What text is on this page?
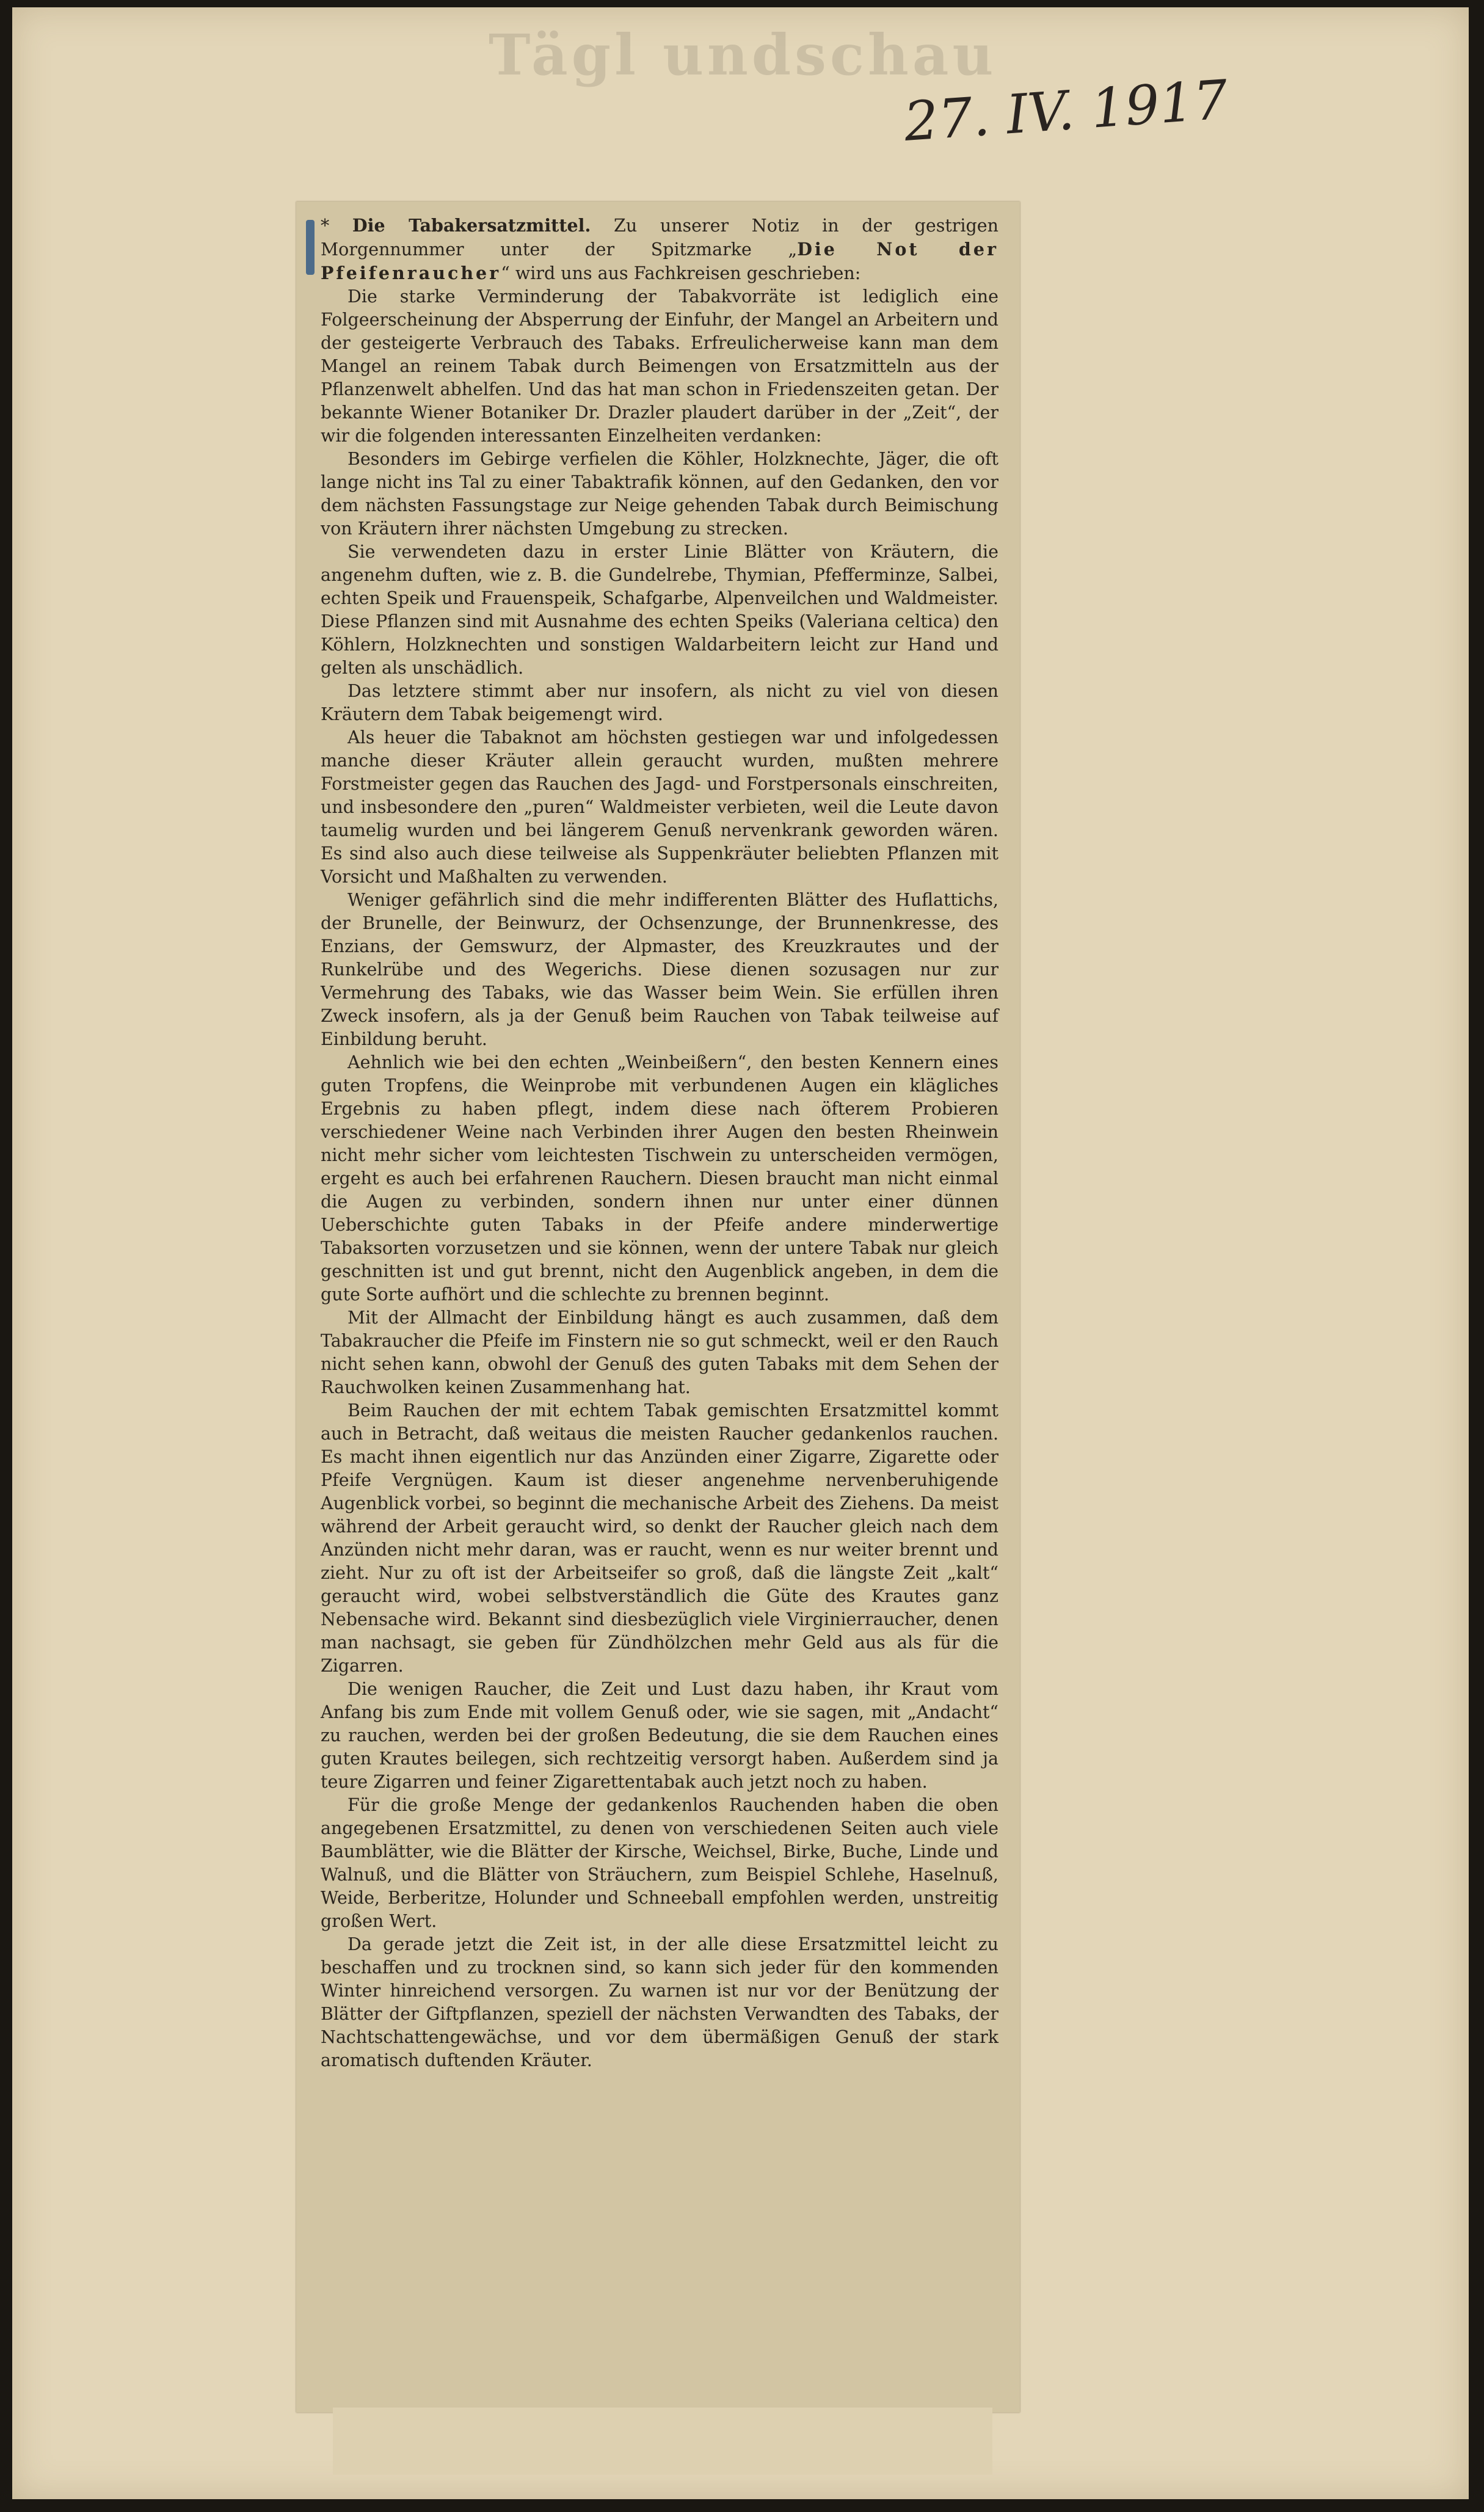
Tägl undschau
27. IV. 1917

* Die Tabakersatzmittel. Zu unserer Notiz in der gestrigen Morgennummer unter der Spitzmarke „Die Not der Pfeifenraucher“ wird uns aus Fachkreisen geschrieben:

Die starke Verminderung der Tabakvorräte ist lediglich eine Folgeerscheinung der Absperrung der Einfuhr, der Mangel an Arbeitern und der gesteigerte Verbrauch des Tabaks. Erfreulicherweise kann man dem Mangel an reinem Tabak durch Beimengen von Ersatzmitteln aus der Pflanzenwelt abhelfen. Und das hat man schon in Friedenszeiten getan. Der bekannte Wiener Botaniker Dr. Drazler plaudert darüber in der „Zeit“, der wir die folgenden interessanten Einzelheiten verdanken:

Besonders im Gebirge verfielen die Köhler, Holzknechte, Jäger, die oft lange nicht ins Tal zu einer Tabaktrafik können, auf den Gedanken, den vor dem nächsten Fassungstage zur Neige gehenden Tabak durch Beimischung von Kräutern ihrer nächsten Umgebung zu strecken.

Sie verwendeten dazu in erster Linie Blätter von Kräutern, die angenehm duften, wie z. B. die Gundelrebe, Thymian, Pfefferminze, Salbei, echten Speik und Frauenspeik, Schafgarbe, Alpenveilchen und Waldmeister. Diese Pflanzen sind mit Ausnahme des echten Speiks (Valeriana celtica) den Köhlern, Holzknechten und sonstigen Waldarbeitern leicht zur Hand und gelten als unschädlich.

Das letztere stimmt aber nur insofern, als nicht zu viel von diesen Kräutern dem Tabak beigemengt wird.

Als heuer die Tabaknot am höchsten gestiegen war und infolgedessen manche dieser Kräuter allein geraucht wurden, mußten mehrere Forstmeister gegen das Rauchen des Jagd- und Forstpersonals einschreiten, und insbesondere den „puren“ Waldmeister verbieten, weil die Leute davon taumelig wurden und bei längerem Genuß nervenkrank geworden wären. Es sind also auch diese teilweise als Suppenkräuter beliebten Pflanzen mit Vorsicht und Maßhalten zu verwenden.

Weniger gefährlich sind die mehr indifferenten Blätter des Huflattichs, der Brunelle, der Beinwurz, der Ochsenzunge, der Brunnenkresse, des Enzians, der Gemswurz, der Alpmaster, des Kreuzkrautes und der Runkelrübe und des Wegerichs. Diese dienen sozusagen nur zur Vermehrung des Tabaks, wie das Wasser beim Wein. Sie erfüllen ihren Zweck insofern, als ja der Genuß beim Rauchen von Tabak teilweise auf Einbildung beruht.

Aehnlich wie bei den echten „Weinbeißern“, den besten Kennern eines guten Tropfens, die Weinprobe mit verbundenen Augen ein klägliches Ergebnis zu haben pflegt, indem diese nach öfterem Probieren verschiedener Weine nach Verbinden ihrer Augen den besten Rheinwein nicht mehr sicher vom leichtesten Tischwein zu unterscheiden vermögen, ergeht es auch bei erfahrenen Rauchern. Diesen braucht man nicht einmal die Augen zu verbinden, sondern ihnen nur unter einer dünnen Ueberschichte guten Tabaks in der Pfeife andere minderwertige Tabaksorten vorzusetzen und sie können, wenn der untere Tabak nur gleich geschnitten ist und gut brennt, nicht den Augenblick angeben, in dem die gute Sorte aufhört und die schlechte zu brennen beginnt.

Mit der Allmacht der Einbildung hängt es auch zusammen, daß dem Tabakraucher die Pfeife im Finstern nie so gut schmeckt, weil er den Rauch nicht sehen kann, obwohl der Genuß des guten Tabaks mit dem Sehen der Rauchwolken keinen Zusammenhang hat.

Beim Rauchen der mit echtem Tabak gemischten Ersatzmittel kommt auch in Betracht, daß weitaus die meisten Raucher gedankenlos rauchen. Es macht ihnen eigentlich nur das Anzünden einer Zigarre, Zigarette oder Pfeife Vergnügen. Kaum ist dieser angenehme nervenberuhigende Augenblick vorbei, so beginnt die mechanische Arbeit des Ziehens. Da meist während der Arbeit geraucht wird, so denkt der Raucher gleich nach dem Anzünden nicht mehr daran, was er raucht, wenn es nur weiter brennt und zieht. Nur zu oft ist der Arbeitseifer so groß, daß die längste Zeit „kalt“ geraucht wird, wobei selbstverständlich die Güte des Krautes ganz Nebensache wird. Bekannt sind diesbezüglich viele Virginierraucher, denen man nachsagt, sie geben für Zündhölzchen mehr Geld aus als für die Zigarren.

Die wenigen Raucher, die Zeit und Lust dazu haben, ihr Kraut vom Anfang bis zum Ende mit vollem Genuß oder, wie sie sagen, mit „Andacht“ zu rauchen, werden bei der großen Bedeutung, die sie dem Rauchen eines guten Krautes beilegen, sich rechtzeitig versorgt haben. Außerdem sind ja teure Zigarren und feiner Zigarettentabak auch jetzt noch zu haben.

Für die große Menge der gedankenlos Rauchenden haben die oben angegebenen Ersatzmittel, zu denen von verschiedenen Seiten auch viele Baumblätter, wie die Blätter der Kirsche, Weichsel, Birke, Buche, Linde und Walnuß, und die Blätter von Sträuchern, zum Beispiel Schlehe, Haselnuß, Weide, Berberitze, Holunder und Schneeball empfohlen werden, unstreitig großen Wert.

Da gerade jetzt die Zeit ist, in der alle diese Ersatzmittel leicht zu beschaffen und zu trocknen sind, so kann sich jeder für den kommenden Winter hinreichend versorgen. Zu warnen ist nur vor der Benützung der Blätter der Giftpflanzen, speziell der nächsten Verwandten des Tabaks, der Nachtschattengewächse, und vor dem übermäßigen Genuß der stark aromatisch duftenden Kräuter.
